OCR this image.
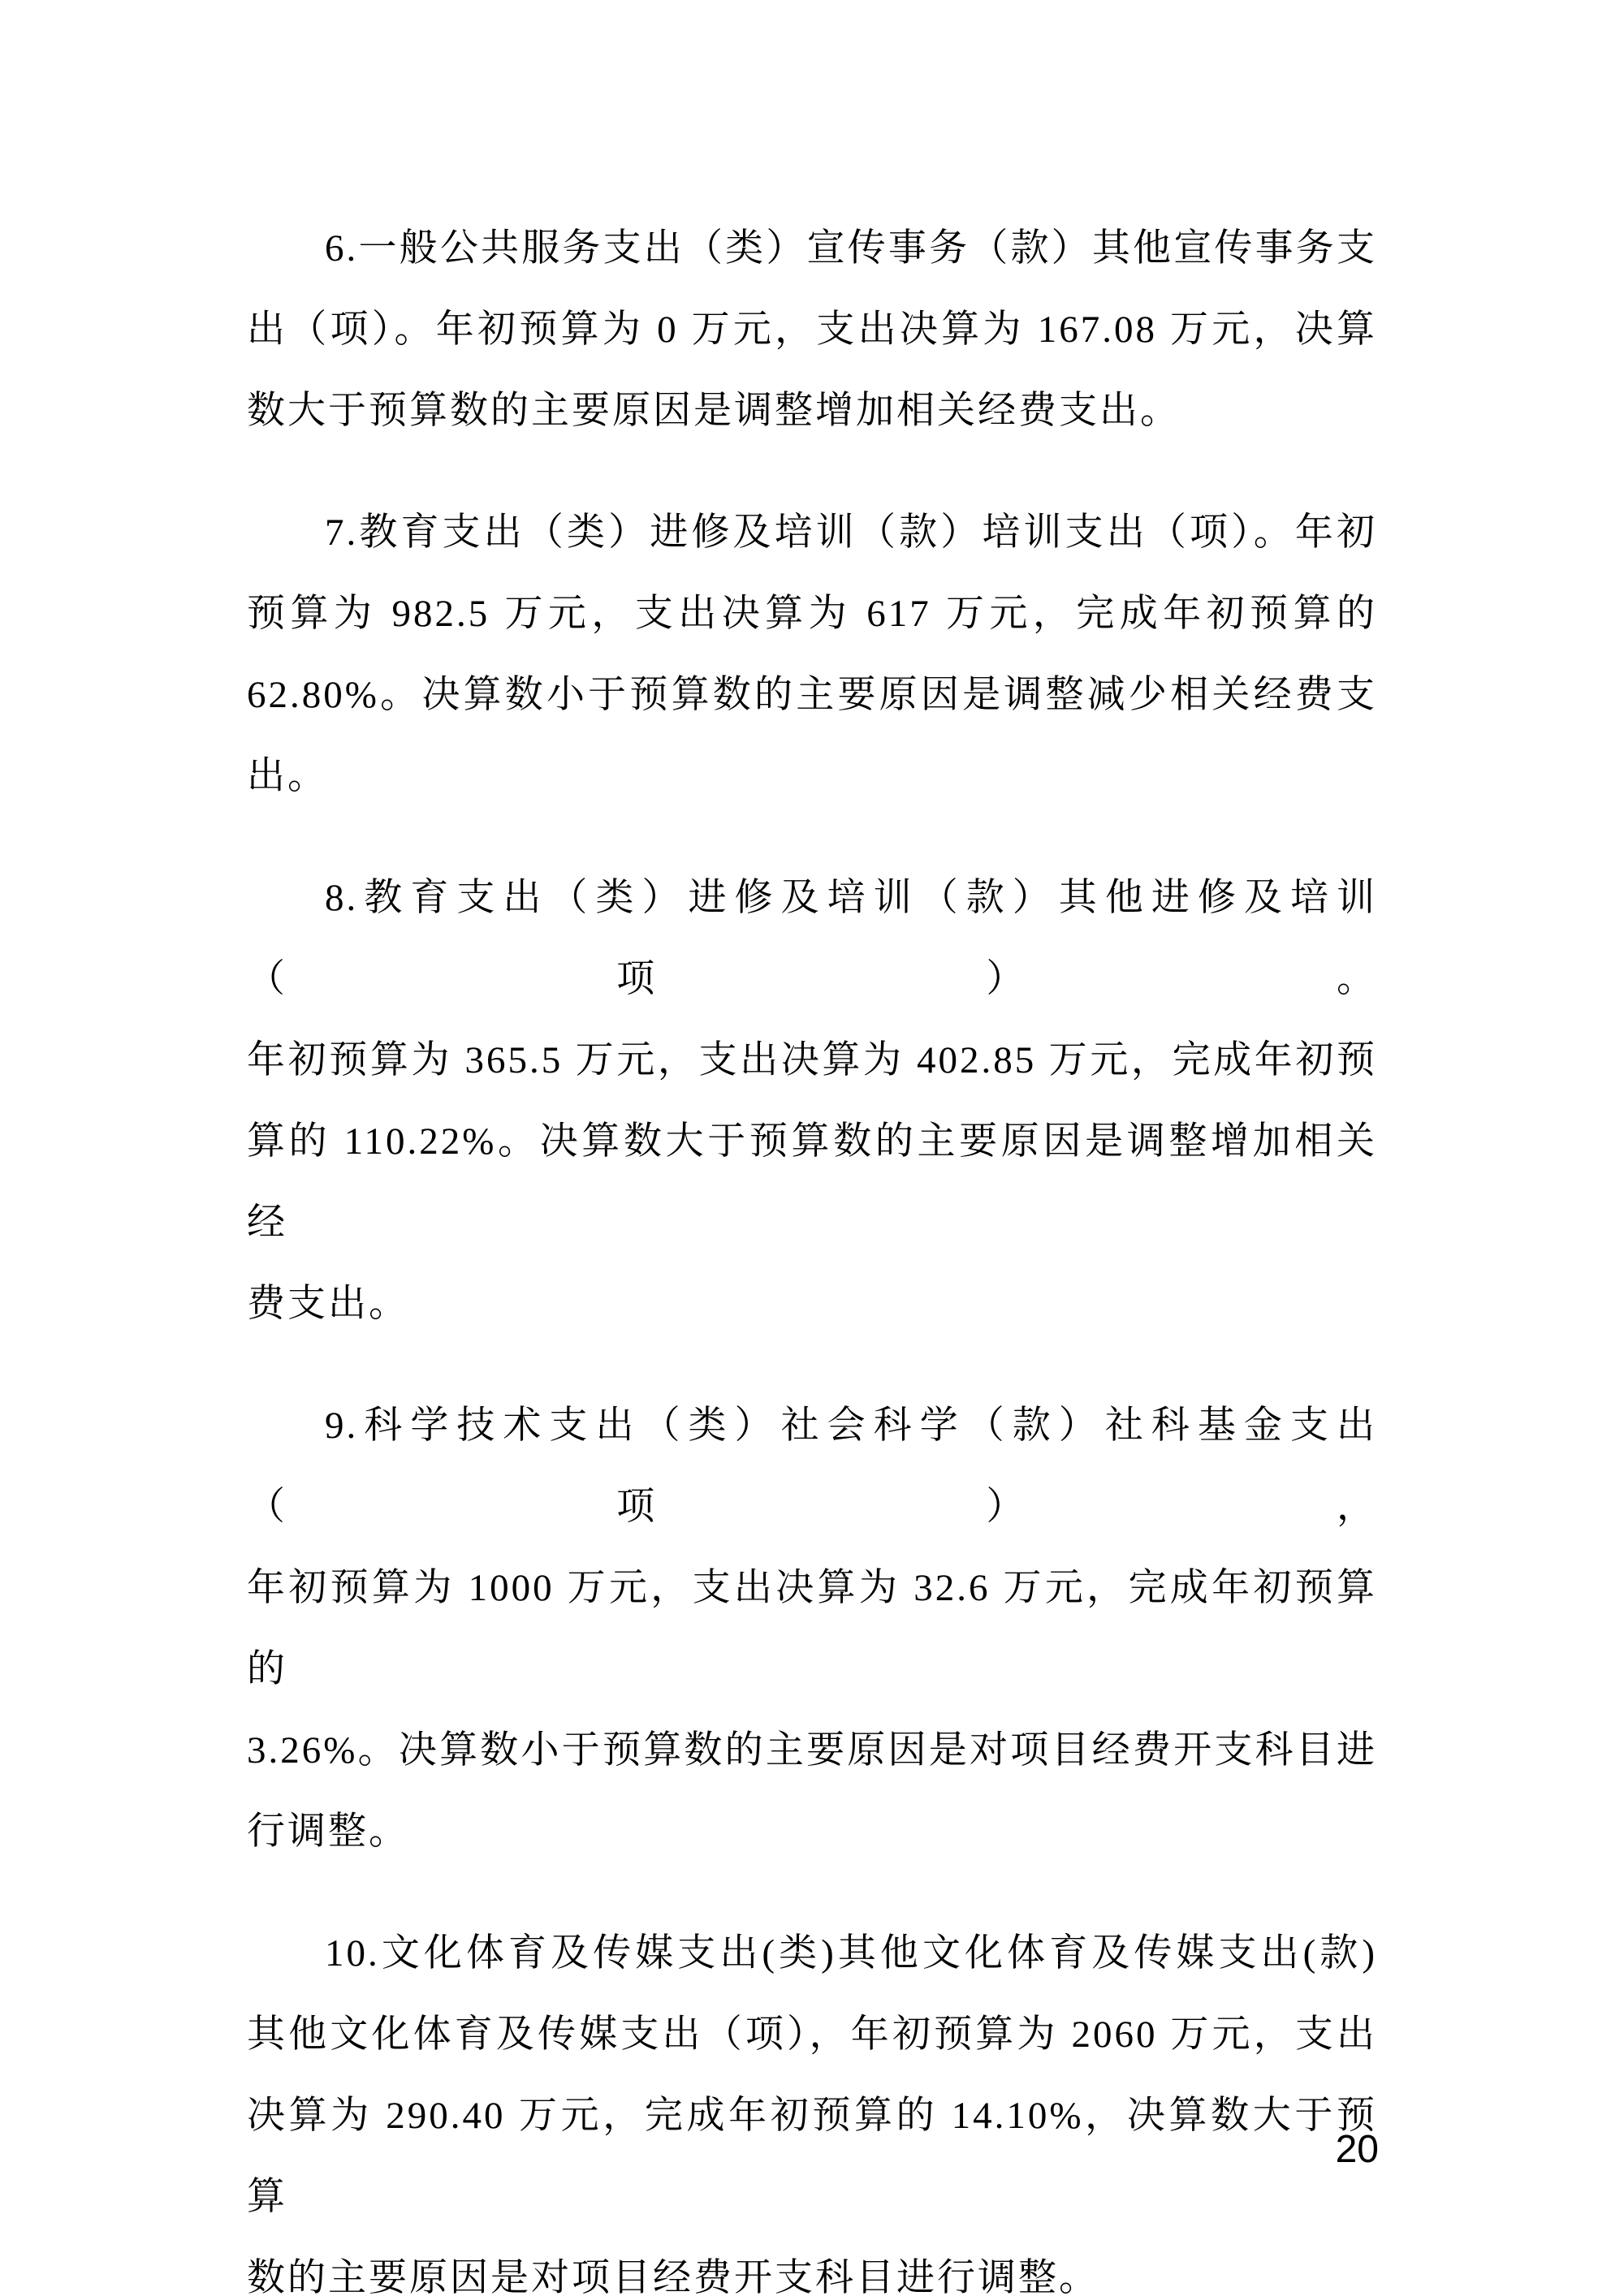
6.一般公共服务支出（类）宣传事务（款）其他宣传事务支
出（项）。年初预算为 0 万元，支出决算为 167.08 万元，决算
数大于预算数的主要原因是调整增加相关经费支出。

7.教育支出（类）进修及培训（款）培训支出（项）。年初
预算为 982.5 万元，支出决算为 617 万元，完成年初预算的
62.80%。决算数小于预算数的主要原因是调整减少相关经费支
出。

8.教育支出（类）进修及培训（款）其他进修及培训（项）。
年初预算为 365.5 万元，支出决算为 402.85 万元，完成年初预
算的 110.22%。决算数大于预算数的主要原因是调整增加相关经
费支出。

9.科学技术支出（类）社会科学（款）社科基金支出（项），
年初预算为 1000 万元，支出决算为 32.6 万元，完成年初预算的
3.26%。决算数小于预算数的主要原因是对项目经费开支科目进
行调整。

10.文化体育及传媒支出(类)其他文化体育及传媒支出(款)
其他文化体育及传媒支出（项），年初预算为 2060 万元，支出
决算为 290.40 万元，完成年初预算的 14.10%，决算数大于预算
数的主要原因是对项目经费开支科目进行调整。

20
